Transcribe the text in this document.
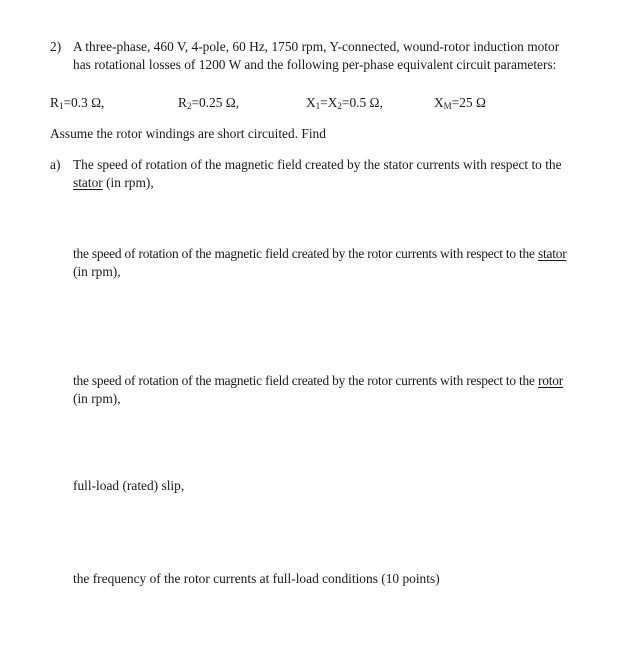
2) A three-phase, 460 V, 4-pole, 60 Hz, 1750 rpm, Y-connected, wound-rotor induction motor

has rotational losses of 1200 W and the following per-phase equivalent circuit parameters:

$R_1=0.3$ Ω,	$R_2=0.25$ Ω,	$X_1=X_2=0.5$ Ω,	$X_M=25$ Ω

Assume the rotor windings are short circuited. Find

a) The speed of rotation of the magnetic field created by the stator currents with respect to the

stator (in rpm),

the speed of rotation of the magnetic field created by the rotor currents with respect to the stator

(in rpm),

the speed of rotation of the magnetic field created by the rotor currents with respect to the rotor

(in rpm),

full-load (rated) slip,

the frequency of the rotor currents at full-load conditions (10 points)
